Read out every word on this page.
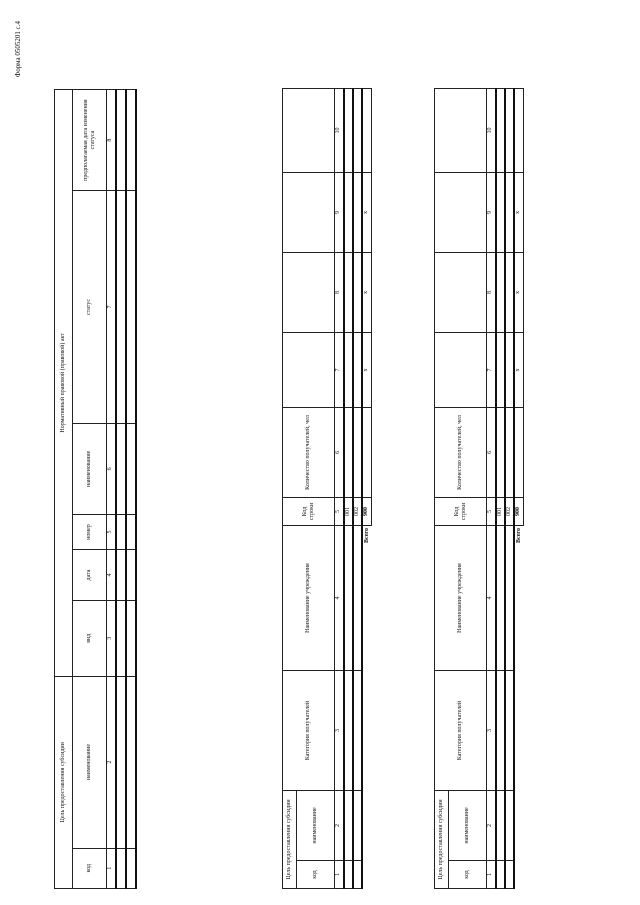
Форма 0505201 с.4
Цель предоставления субсидии		Нормативный правовой (правовой) акт					
код	наименование	вид	дата	номер	наименование	статус	предполагаемая дата изменения статуса
1	2	3	4	5	6	7	8

Цель предоставления субсидии		Категория получателей	Наименование учреждения	Код строки	Количество получателей, чел				
код	наименование								
1	2	3	4	5	6	7	8	9	10
				001					
				002					
			Всего	900		x	x	x	
Цель предоставления субсидии		Категория получателей	Наименование учреждения	Код строки	Количество получателей, чел				
код	наименование								
1	2	3	4	5	6	7	8	9	10
				001					
				002					
			Всего	900		x	x	x	
